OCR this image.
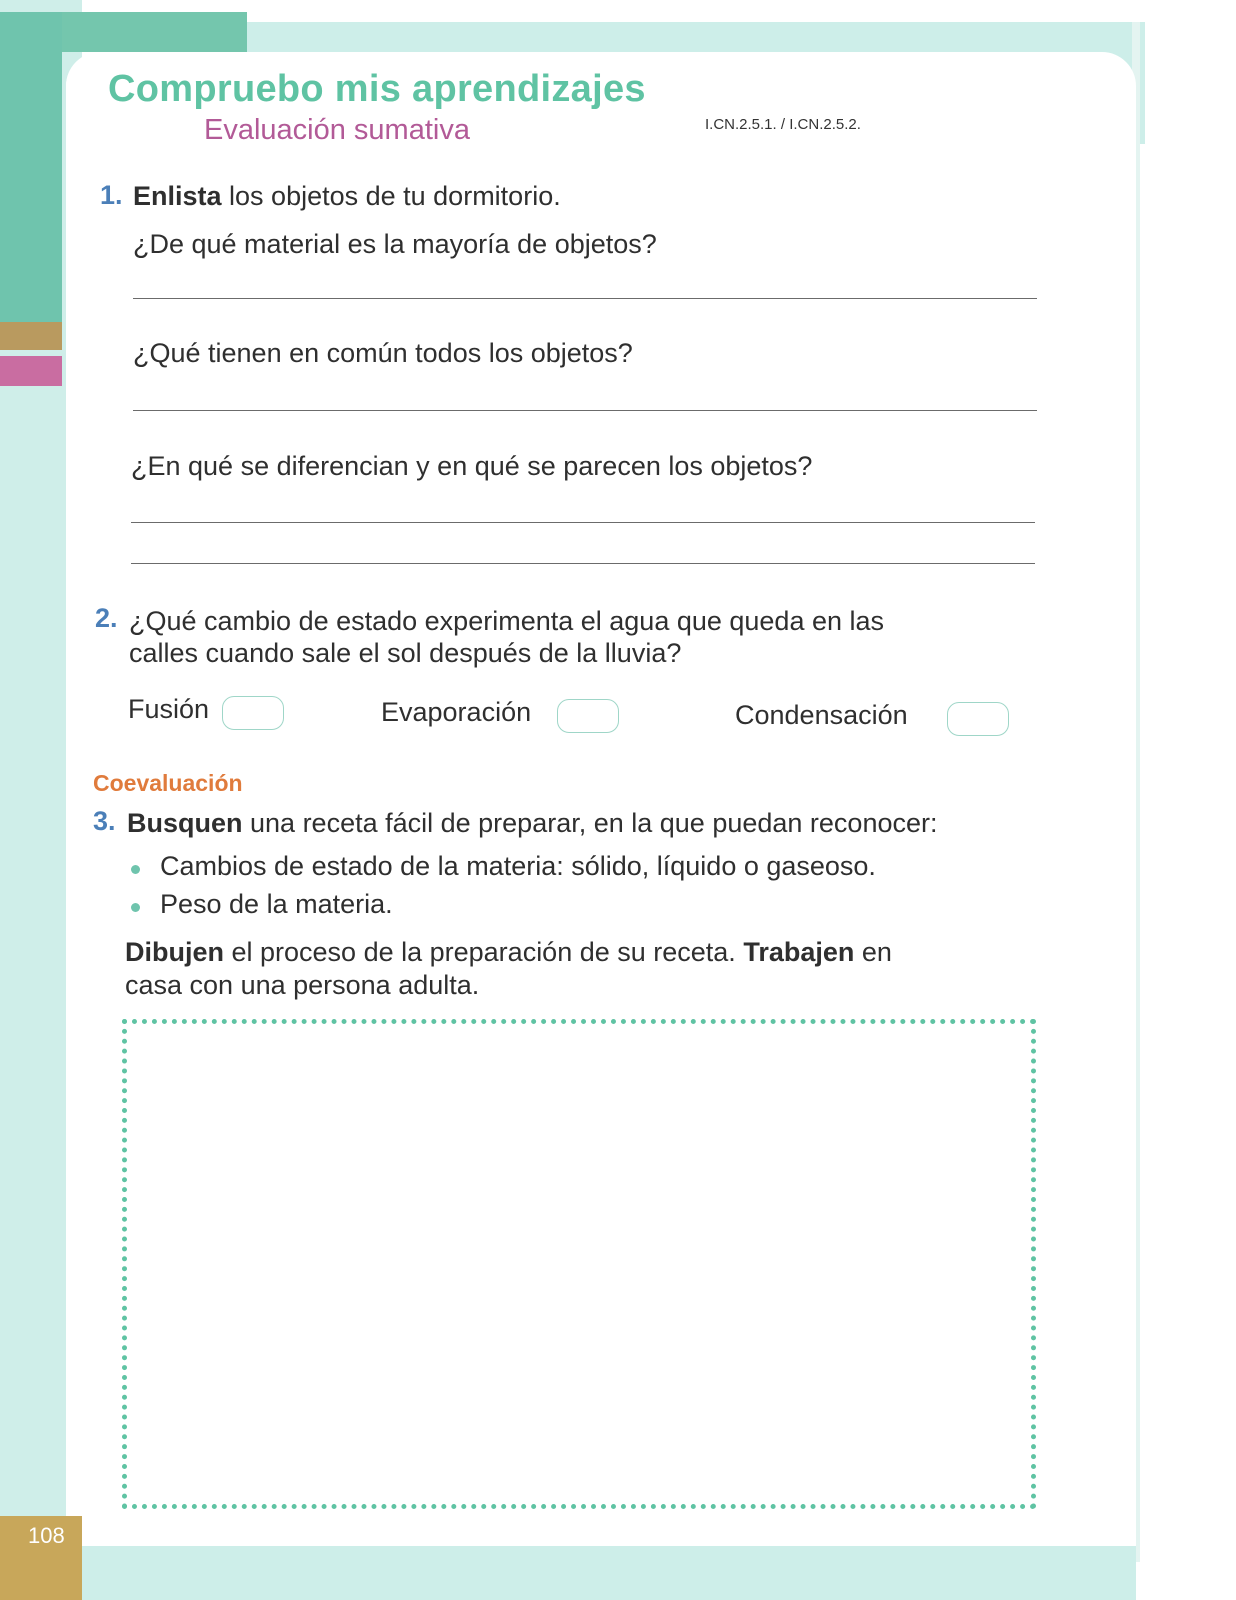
Compruebo mis aprendizajes
Evaluación sumativa	I.CN.2.5.1. / I.CN.2.5.2.
1. Enlista los objetos de tu dormitorio.
¿De qué material es la mayoría de objetos?
¿Qué tienen en común todos los objetos?
¿En qué se diferencian y en qué se parecen los objetos?
2. ¿Qué cambio de estado experimenta el agua que queda en las
calles cuando sale el sol después de la lluvia?
Fusión	Evaporación	Condensación
Coevaluación
3. Busquen una receta fácil de preparar, en la que puedan reconocer:
Cambios de estado de la materia: sólido, líquido o gaseoso.
Peso de la materia.
Dibujen el proceso de la preparación de su receta. Trabajen en
casa con una persona adulta.
108
